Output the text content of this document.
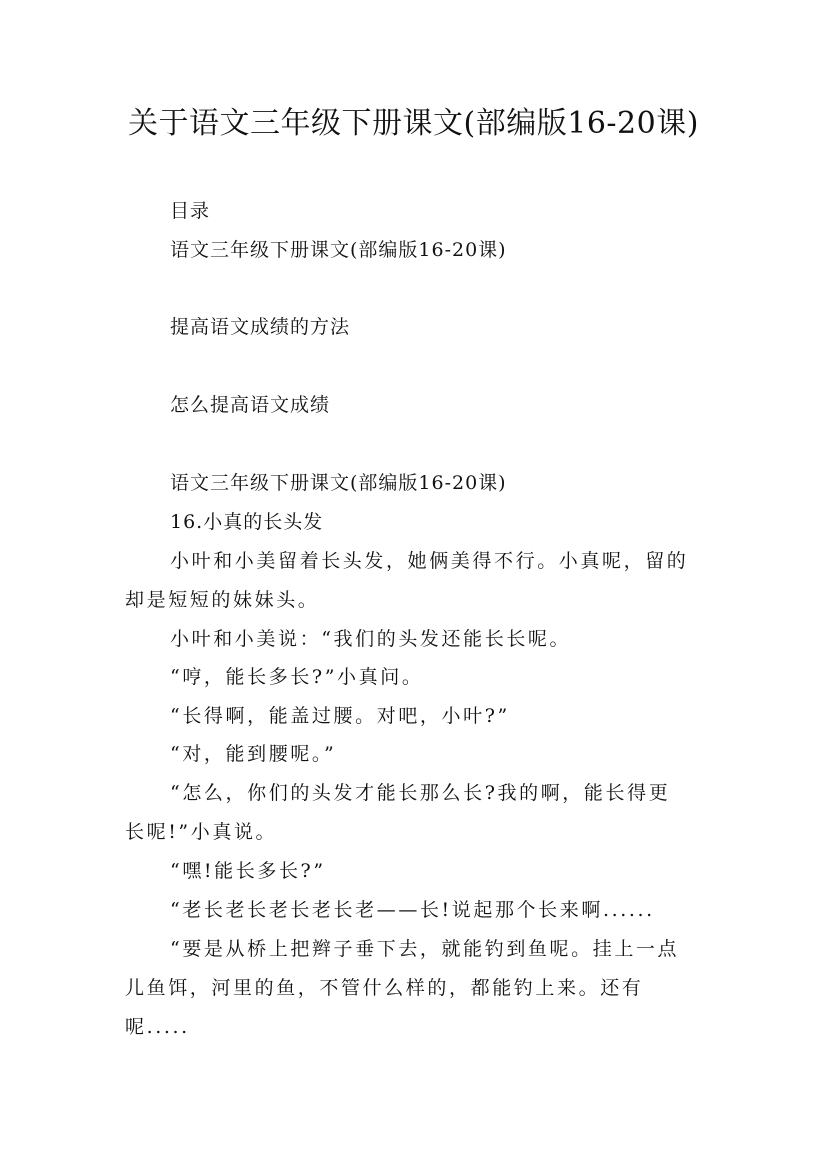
关于语文三年级下册课文(部编版16-20课)
目录
语文三年级下册课文(部编版16-20课)
提高语文成绩的方法
怎么提高语文成绩
语文三年级下册课文(部编版16-20课)
16.小真的长头发
小叶和小美留着长头发，她俩美得不行。小真呢，留的
却是短短的妹妹头。
小叶和小美说：“我们的头发还能长长呢。
“哼，能长多长?”小真问。
“长得啊，能盖过腰。对吧，小叶?”
“对，能到腰呢。”
“怎么，你们的头发才能长那么长?我的啊，能长得更
长呢!”小真说。
“嘿!能长多长?”
“老长老长老长老长老——长!说起那个长来啊......
“要是从桥上把辫子垂下去，就能钓到鱼呢。挂上一点
儿鱼饵，河里的鱼，不管什么样的，都能钓上来。还有
呢.....
